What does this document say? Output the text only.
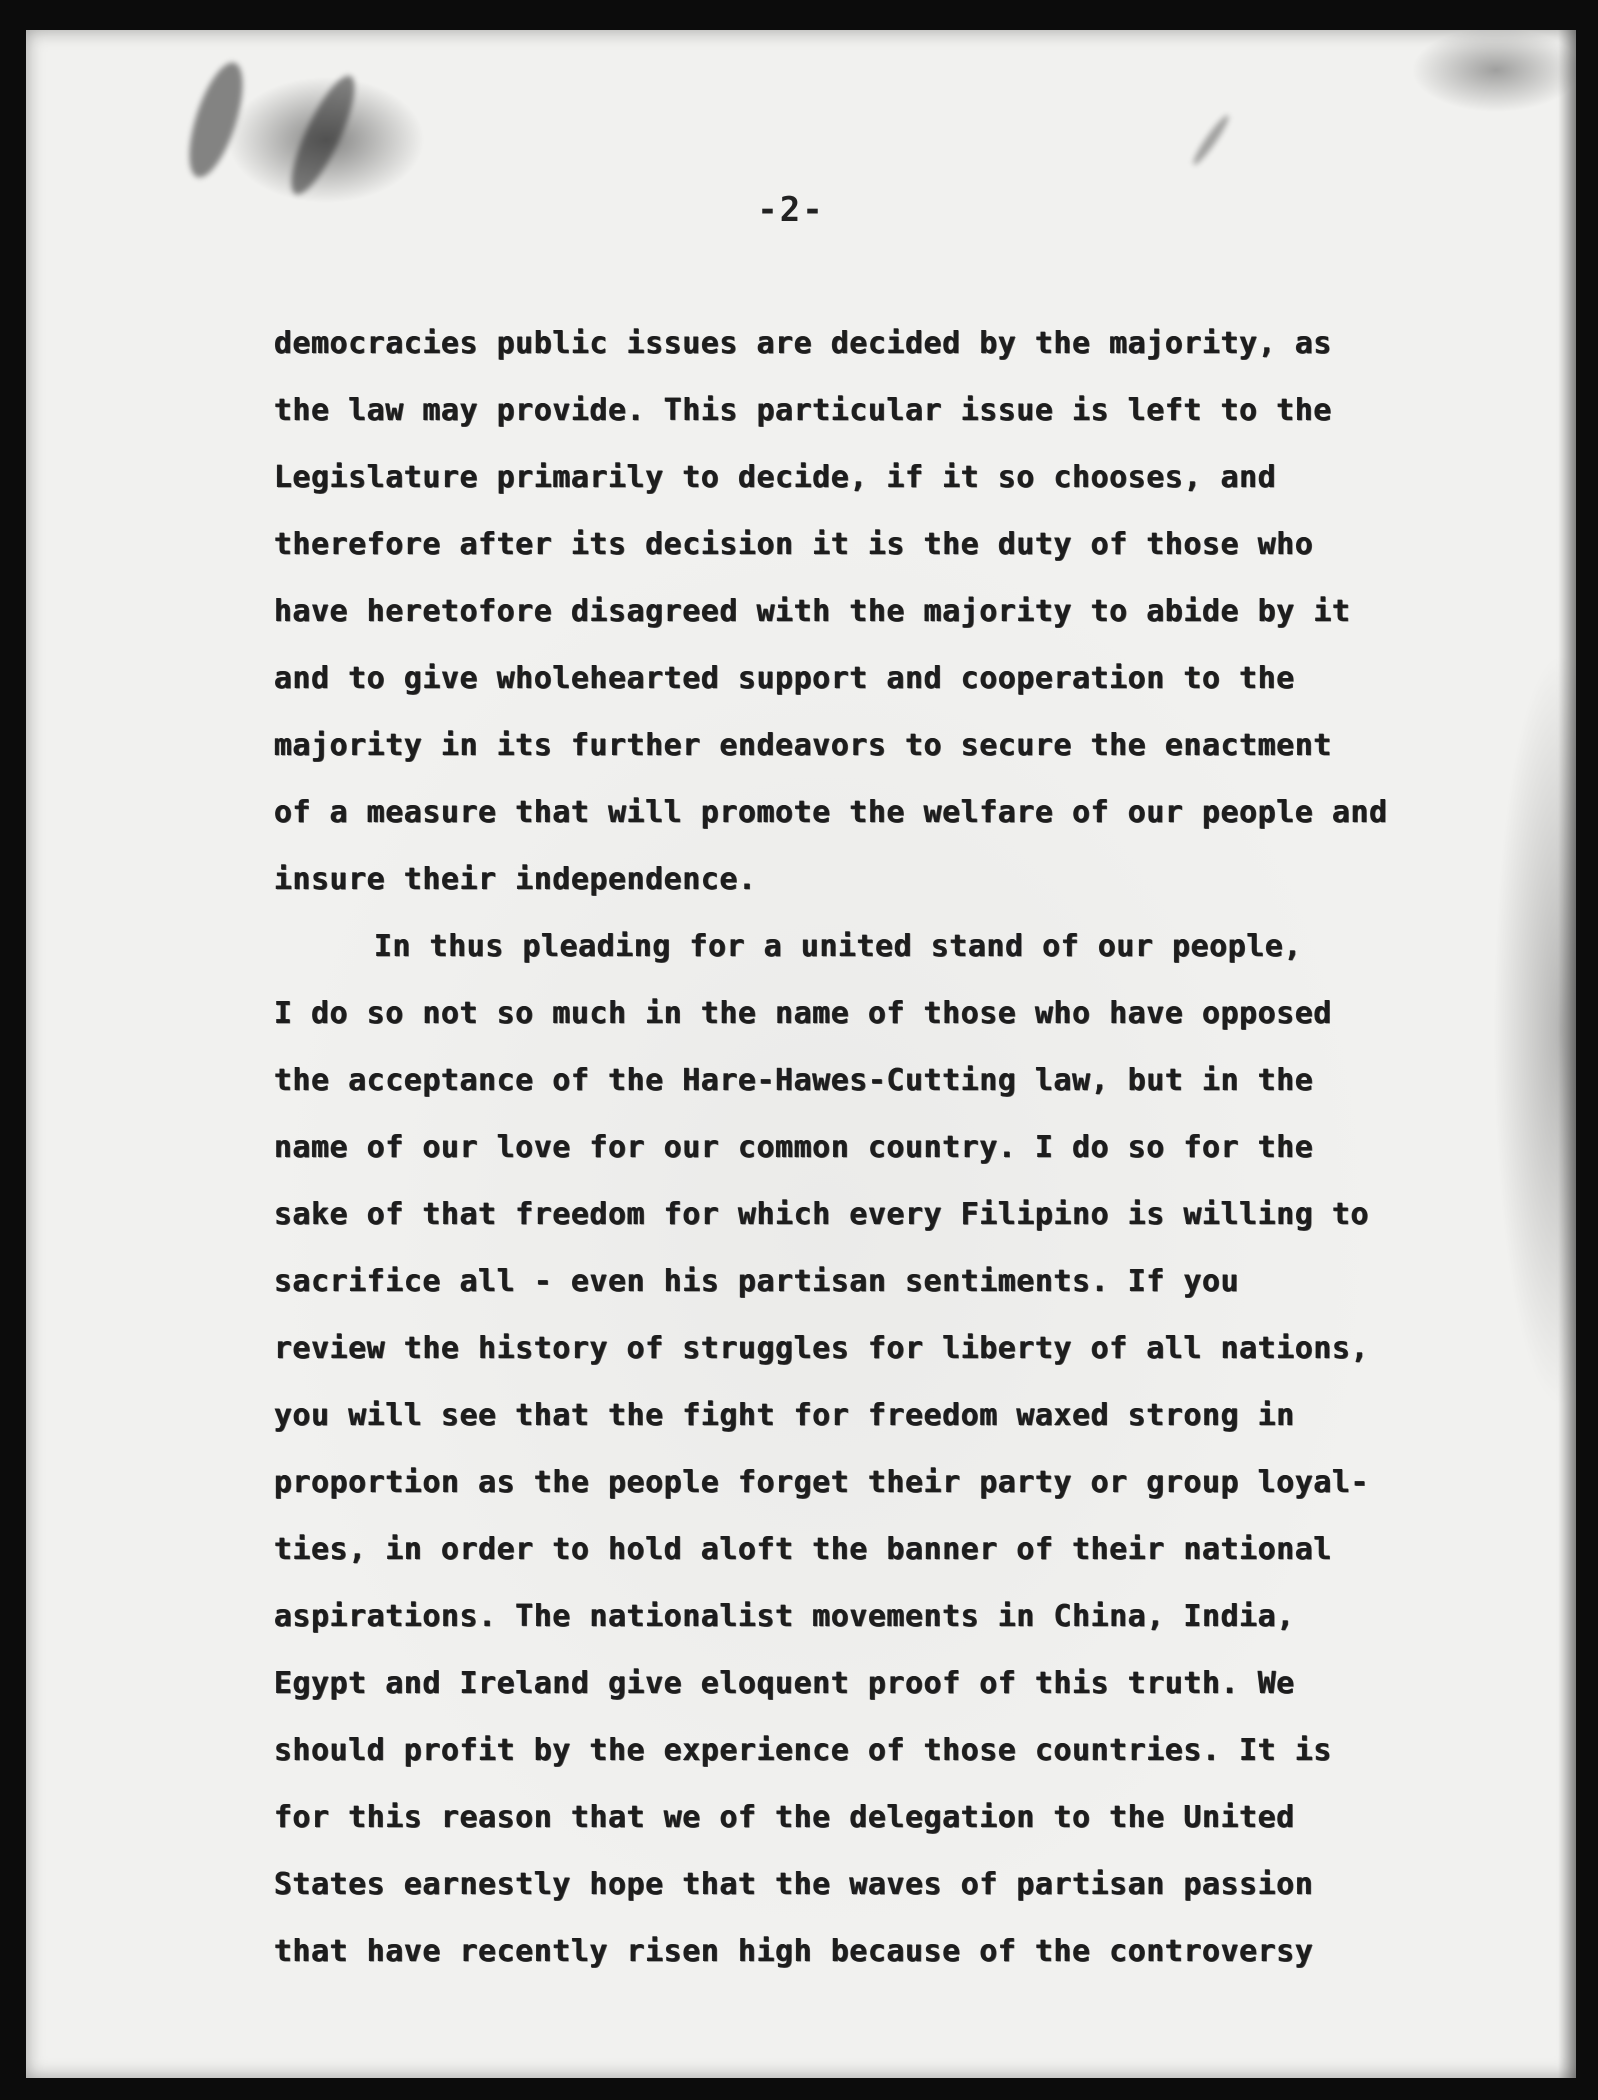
-2-
democracies public issues are decided by the majority, as
the law may provide. This particular issue is left to the
Legislature primarily to decide, if it so chooses, and
therefore after its decision it is the duty of those who
have heretofore disagreed with the majority to abide by it
and to give wholehearted support and cooperation to the
majority in its further endeavors to secure the enactment
of a measure that will promote the welfare of our people and
insure their independence.
In thus pleading for a united stand of our people,
I do so not so much in the name of those who have opposed
the acceptance of the Hare-Hawes-Cutting law, but in the
name of our love for our common country. I do so for the
sake of that freedom for which every Filipino is willing to
sacrifice all - even his partisan sentiments. If you
review the history of struggles for liberty of all nations,
you will see that the fight for freedom waxed strong in
proportion as the people forget their party or group loyal-
ties, in order to hold aloft the banner of their national
aspirations. The nationalist movements in China, India,
Egypt and Ireland give eloquent proof of this truth. We
should profit by the experience of those countries. It is
for this reason that we of the delegation to the United
States earnestly hope that the waves of partisan passion
that have recently risen high because of the controversy
